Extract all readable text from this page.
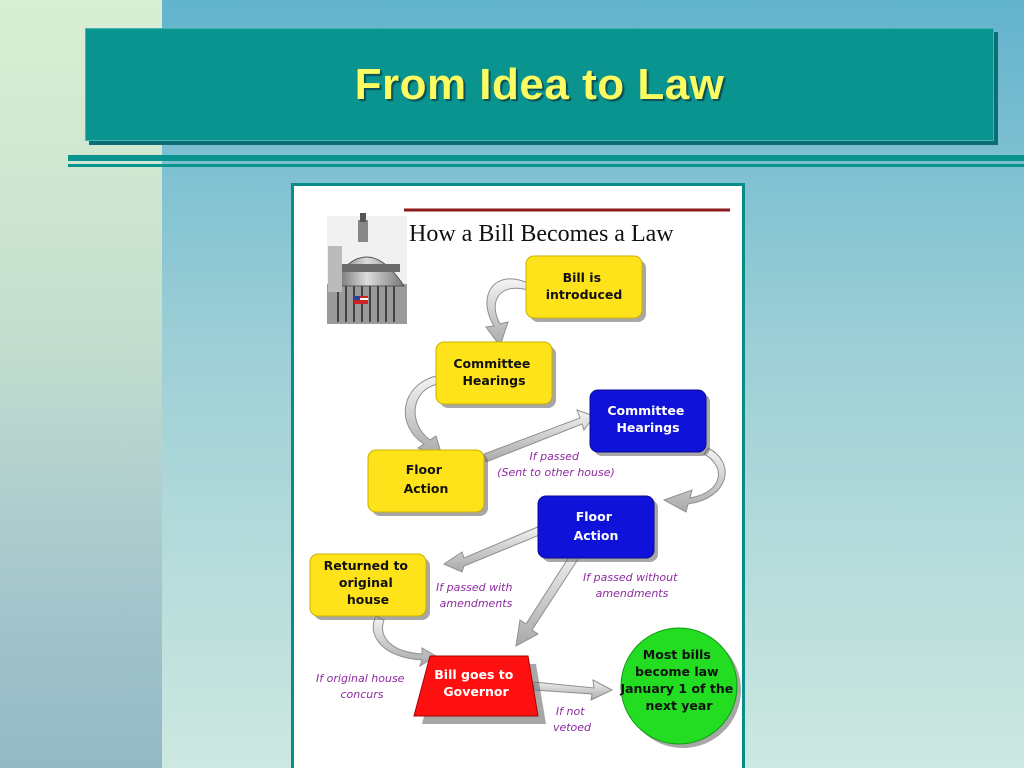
From Idea to Law
How a Bill Becomes a Law
Bill is introduced
Committee Hearings
Floor Action
Returned to original house
Committee Hearings
Floor Action
Bill goes to Governor
Most bills become law January 1 of the next year
If passed (Sent to other house)
If passed with amendments
If passed without amendments
If original house concurs
If not vetoed
